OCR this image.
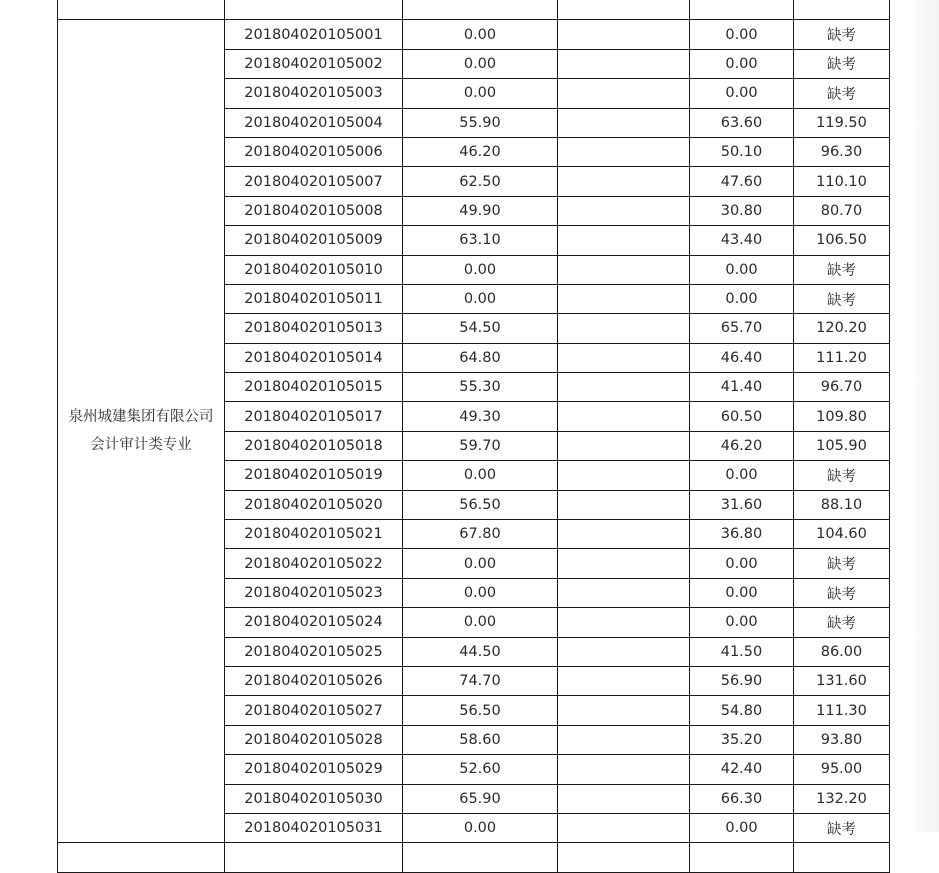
泉州城建集团有限公司 会计审计类专业	201804020105001	0.00		0.00	缺考
	201804020105002	0.00		0.00	缺考
	201804020105003	0.00		0.00	缺考
	201804020105004	55.90		63.60	119.50
	201804020105006	46.20		50.10	96.30
	201804020105007	62.50		47.60	110.10
	201804020105008	49.90		30.80	80.70
	201804020105009	63.10		43.40	106.50
	201804020105010	0.00		0.00	缺考
	201804020105011	0.00		0.00	缺考
	201804020105013	54.50		65.70	120.20
	201804020105014	64.80		46.40	111.20
	201804020105015	55.30		41.40	96.70
	201804020105017	49.30		60.50	109.80
	201804020105018	59.70		46.20	105.90
	201804020105019	0.00		0.00	缺考
	201804020105020	56.50		31.60	88.10
	201804020105021	67.80		36.80	104.60
	201804020105022	0.00		0.00	缺考
	201804020105023	0.00		0.00	缺考
	201804020105024	0.00		0.00	缺考
	201804020105025	44.50		41.50	86.00
	201804020105026	74.70		56.90	131.60
	201804020105027	56.50		54.80	111.30
	201804020105028	58.60		35.20	93.80
	201804020105029	52.60		42.40	95.00
	201804020105030	65.90		66.30	132.20
	201804020105031	0.00		0.00	缺考
